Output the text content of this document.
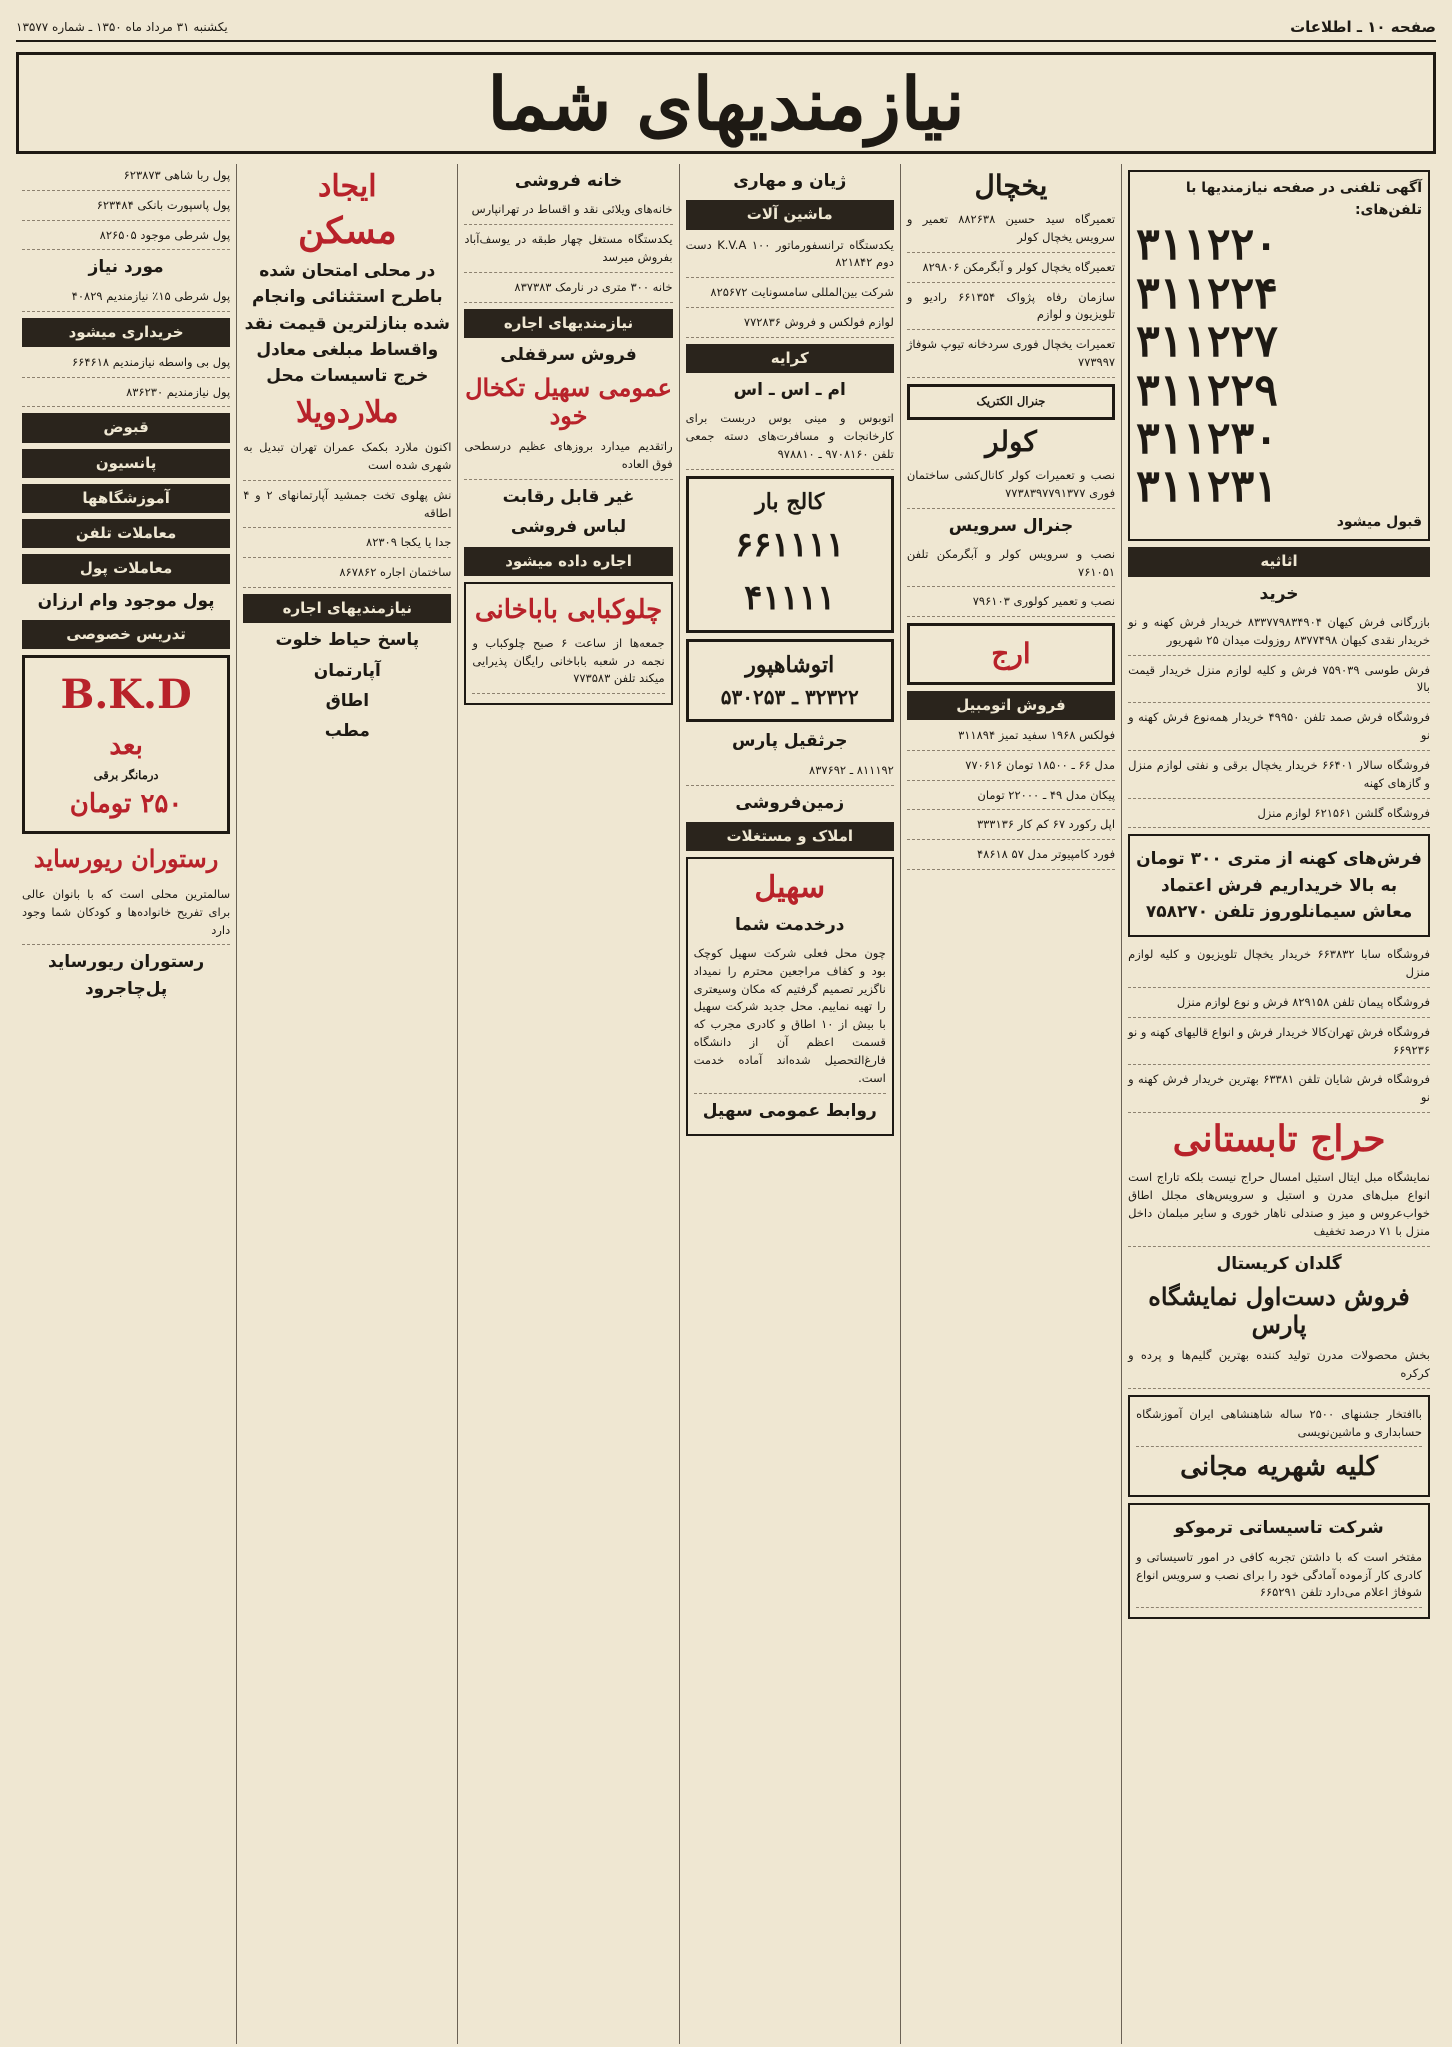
صفحه ۱۰ ـ اطلاعات
یکشنبه ۳۱ مرداد ماه ۱۳۵۰ ـ شماره ۱۳۵۷۷
نیازمندیهای شما
آگهی تلفنی در صفحه نیازمندیها با تلفن‌های:
۳۱۱۲۲۰
۳۱۱۲۲۴
۳۱۱۲۲۷
۳۱۱۲۲۹
۳۱۱۲۳۰
۳۱۱۲۳۱
قبول میشود
اثاثیه
خرید
بازرگانی فرش کیهان ۸۳۳۷۷۹۸۳۴۹۰۴ خریدار فرش کهنه و نو خریدار نقدی کیهان ۸۳۷۷۴۹۸ روزولت میدان ۲۵ شهریور
فرش طوسی ۷۵۹۰۳۹ فرش و کلیه لوازم منزل خریدار قیمت بالا
فروشگاه فرش صمد تلفن ۴۹۹۵۰ خریدار همه‌نوع فرش کهنه و نو
فروشگاه سالار ۶۶۴۰۱ خریدار یخچال برقی و نفتی لوازم منزل و گازهای کهنه
فروشگاه گلشن ۶۲۱۵۶۱ لوازم منزل
فرش‌های کهنه از متری ۳۰۰ تومان به بالا خریداریم فرش اعتماد معاش سیمانلوروز تلفن ۷۵۸۲۷۰
فروشگاه سابا ۶۶۳۸۳۲ خریدار یخچال تلویزیون و کلیه لوازم منزل
فروشگاه پیمان تلفن ۸۲۹۱۵۸ فرش و نوع لوازم منزل
فروشگاه فرش تهران‌کالا خریدار فرش و انواع قالیهای کهنه و نو ۶۶۹۲۳۶
فروشگاه فرش شایان تلفن ۶۳۳۸۱ بهترین خریدار فرش کهنه و نو
حراج تابستانی
نمایشگاه مبل ایتال استیل امسال حراج نیست بلکه تاراج است انواع مبل‌های مدرن و استیل و سرویس‌های مجلل اطاق خواب‌عروس و میز و صندلی ناهار خوری و سایر مبلمان داخل منزل با ۷۱ درصد تخفیف
گلدان کریستال
فروش دست‌اول نمایشگاه پارس
بخش محصولات مدرن تولید کننده بهترین گلیم‌ها و پرده و کرکره
باافتخار جشنهای ۲۵۰۰ ساله شاهنشاهی ایران آموزشگاه حسابداری و ماشین‌نویسی
کلیه شهریه مجانی
شرکت تاسیساتی ترموکو
مفتخر است که با داشتن تجربه کافی در امور تاسیساتی و کادری کار آزموده آمادگی خود را برای نصب و سرویس انواع شوفاژ اعلام می‌دارد تلفن ۶۶۵۲۹۱
یخچال
تعمیرگاه سید حسین ۸۸۲۶۳۸ تعمیر و سرویس یخچال کولر
تعمیرگاه یخچال کولر و آبگرمکن ۸۲۹۸۰۶
سازمان رفاه پژواک ۶۶۱۳۵۴ رادیو و تلویزیون و لوازم
تعمیرات یخچال فوری سردخانه تیوپ شوفاژ ۷۷۳۹۹۷
جنرال الکتریک
کولر
نصب و تعمیرات کولر کانال‌کشی ساختمان فوری ۷۷۳۸۳۹۷۷۹۱۳۷۷
جنرال سرویس
نصب و سرویس کولر و آبگرمکن تلفن ۷۶۱۰۵۱
نصب و تعمیر کولوری ۷۹۶۱۰۳
ارج
فروش اتومبیل
فولکس ۱۹۶۸ سفید تمیز ۳۱۱۸۹۴
مدل ۶۶ ـ ۱۸۵۰۰ تومان ۷۷۰۶۱۶
پیکان مدل ۴۹ ـ ۲۲۰۰۰ تومان
اپل رکورد ۶۷ کم کار ۳۳۳۱۳۶
فورد کامپیوتر مدل ۵۷ ۴۸۶۱۸
ژیان و مهاری
ماشین آلات
یکدستگاه ترانسفورماتور ۱۰۰ K.V.A دست دوم ۸۲۱۸۴۲
شرکت بین‌المللی سامسونایت ۸۲۵۶۷۲
لوازم فولکس و فروش ۷۷۲۸۳۶
کرایه
ام ـ اس ـ اس
اتوبوس و مینی بوس دربست برای کارخانجات و مسافرت‌های دسته جمعی تلفن ۹۷۰۸۱۶۰ ـ ۹۷۸۸۱۰
کالج بار
۶۶۱۱۱۱
۴۱۱۱۱
اتوشاهپور
۳۲۳۲۲ ـ ۵۳۰۲۵۳
جرثقیل پارس
۸۱۱۱۹۲ ـ ۸۳۷۶۹۲
زمین‌فروشی
املاک و مستغلات
سهیل
درخدمت شما
چون محل فعلی شرکت سهیل کوچک بود و کفاف مراجعین محترم را نمیداد ناگزیر تصمیم گرفتیم که مکان وسیعتری را تهیه نماییم. محل جدید شرکت سهیل با بیش از ۱۰ اطاق و کادری مجرب که قسمت اعظم آن از دانشگاه فارغ‌التحصیل شده‌اند آماده خدمت است.
روابط عمومی سهیل
خانه فروشی
خانه‌های ویلائی نقد و اقساط در تهرانپارس
یکدستگاه مستغل چهار طبقه در یوسف‌آباد بفروش میرسد
خانه ۳۰۰ متری در نارمک ۸۳۷۳۸۳
نیازمندیهای اجاره
فروش سرقفلی
عمومی سهیل تکخال خود
راتقدیم میدارد بروزهای عظیم درسطحی فوق العاده
غیر قابل رقابت
لباس فروشی
اجاره داده میشود
چلوکبابی باباخانی
جمعه‌ها از ساعت ۶ صبح چلوکباب و نجمه در شعبه باباخانی رایگان پذیرایی میکند تلفن ۷۷۳۵۸۳
ایجاد
مسکن
در محلی امتحان شده باطرح استثنائی وانجام شده بنازلترین قیمت نقد واقساط مبلغی معادل خرج تاسیسات محل
ملاردویلا
اکنون ملارد بکمک عمران تهران تبدیل به شهری شده است
نش پهلوی تخت جمشید آپارتمانهای ۲ و ۴ اطاقه
جدا یا یکجا ۸۲۳۰۹
ساختمان اجاره ۸۶۷۸۶۲
نیازمندیهای اجاره
پاسخ حیاط خلوت
آپارتمان
اطاق
مطب
پول ربا شاهی ۶۲۳۸۷۳
پول پاسپورت بانکی ۶۲۳۴۸۴
پول شرطی موجود ۸۲۶۵۰۵
مورد نیاز
پول شرطی ۱۵٪ نیازمندیم ۴۰۸۲۹
خریداری میشود
پول بی واسطه نیازمندیم ۶۶۴۶۱۸
پول نیازمندیم ۸۳۶۲۳۰
قبوض
پانسیون
آموزشگاهها
معاملات تلفن
معاملات پول
پول موجود وام ارزان
تدریس خصوصی
B.K.D
بعد
درمانگر برقی
۲۵۰ تومان
رستوران ریورساید
سالمترین محلی است که با بانوان عالی برای تفریح خانواده‌ها و کودکان شما وجود دارد
رستوران ریورساید پل‌چاجرود
